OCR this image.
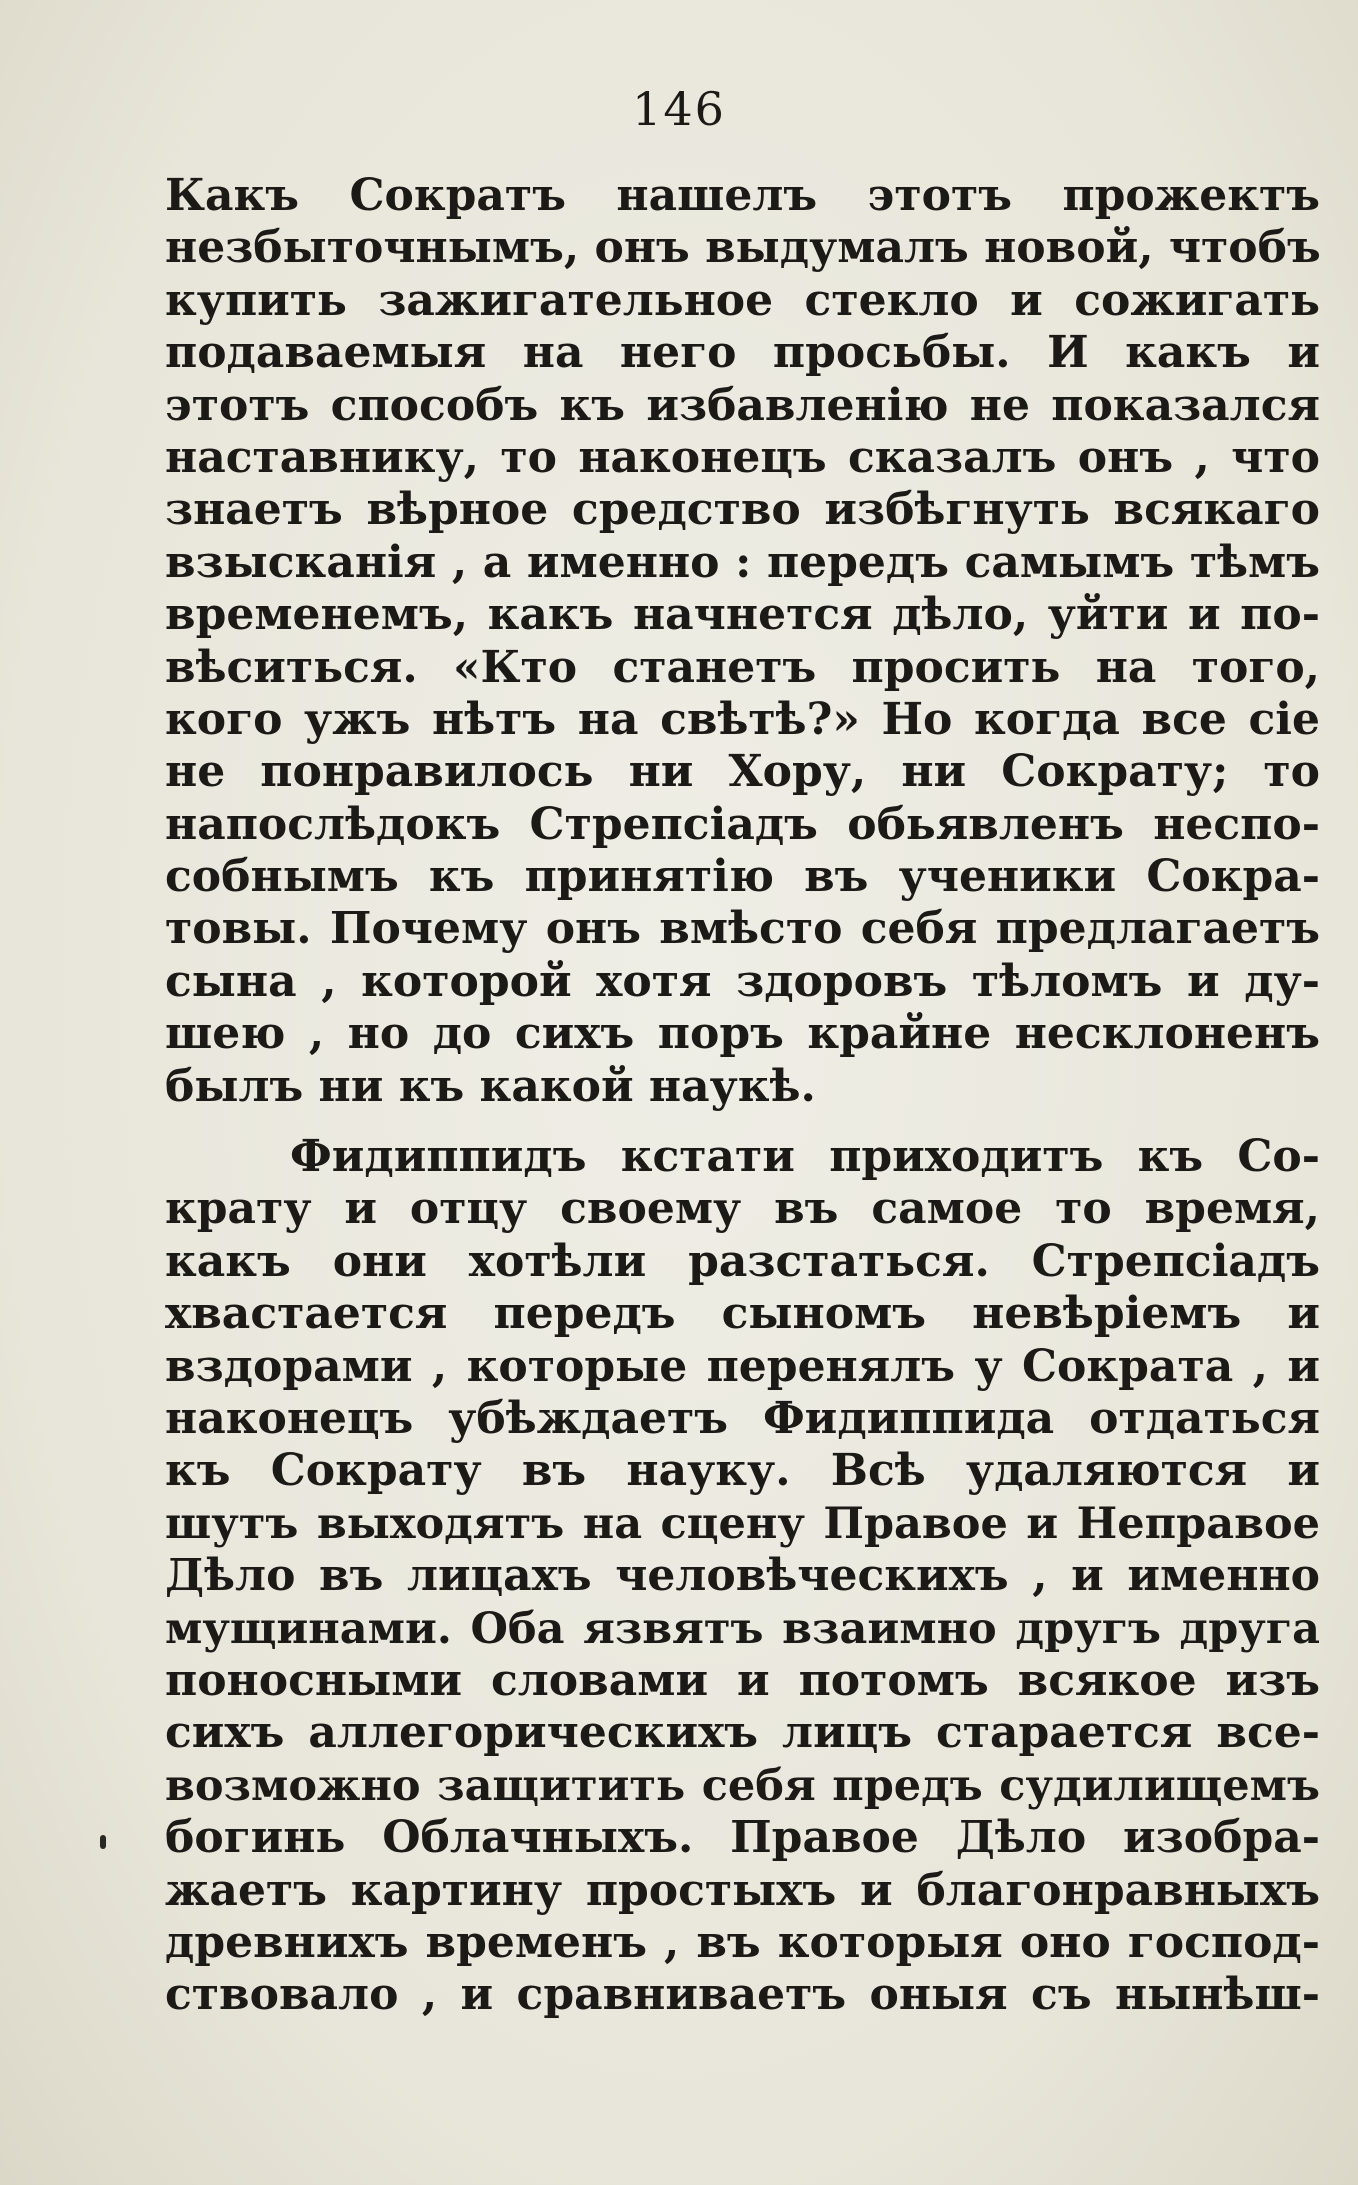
146
Какъ Сократъ нашелъ этотъ прожектъ
незбыточнымъ, онъ выдумалъ новой, чтобъ
купить зажигательное стекло и сожигать
подаваемыя на него просьбы. И какъ и
этотъ способъ къ избавленію не показался
наставнику, то наконецъ сказалъ онъ , что
знаетъ вѣрное средство избѣгнуть всякаго
взысканія , а именно : передъ самымъ тѣмъ
временемъ, какъ начнется дѣло, уйти и по-
вѣситься. «Кто станетъ просить на того,
кого ужъ нѣтъ на свѣтѣ?» Но когда все сіе
не понравилось ни Хору, ни Сократу; то
напослѣдокъ Стрепсіадъ обьявленъ неспо-
собнымъ къ принятію въ ученики Сокра-
товы. Почему онъ вмѣсто себя предлагаетъ
сына , которой хотя здоровъ тѣломъ и ду-
шею , но до сихъ поръ крайне несклоненъ
былъ ни къ какой наукѣ.
Фидиппидъ кстати приходитъ къ Со-
крату и отцу своему въ самое то время,
какъ они хотѣли разстаться. Стрепсіадъ
хвастается передъ сыномъ невѣріемъ и
вздорами , которые перенялъ у Сократа , и
наконецъ убѣждаетъ Фидиппида отдаться
къ Сократу въ науку. Всѣ удаляются и
шутъ выходятъ на сцену Правое и Неправое
Дѣло въ лицахъ человѣческихъ , и именно
мущинами. Оба язвятъ взаимно другъ друга
поносными словами и потомъ всякое изъ
сихъ аллегорическихъ лицъ старается все-
возможно защитить себя предъ судилищемъ
богинь Облачныхъ. Правое Дѣло изобра-
жаетъ картину простыхъ и благонравныхъ
древнихъ временъ , въ которыя оно господ-
ствовало , и сравниваетъ оныя съ нынѣш-
